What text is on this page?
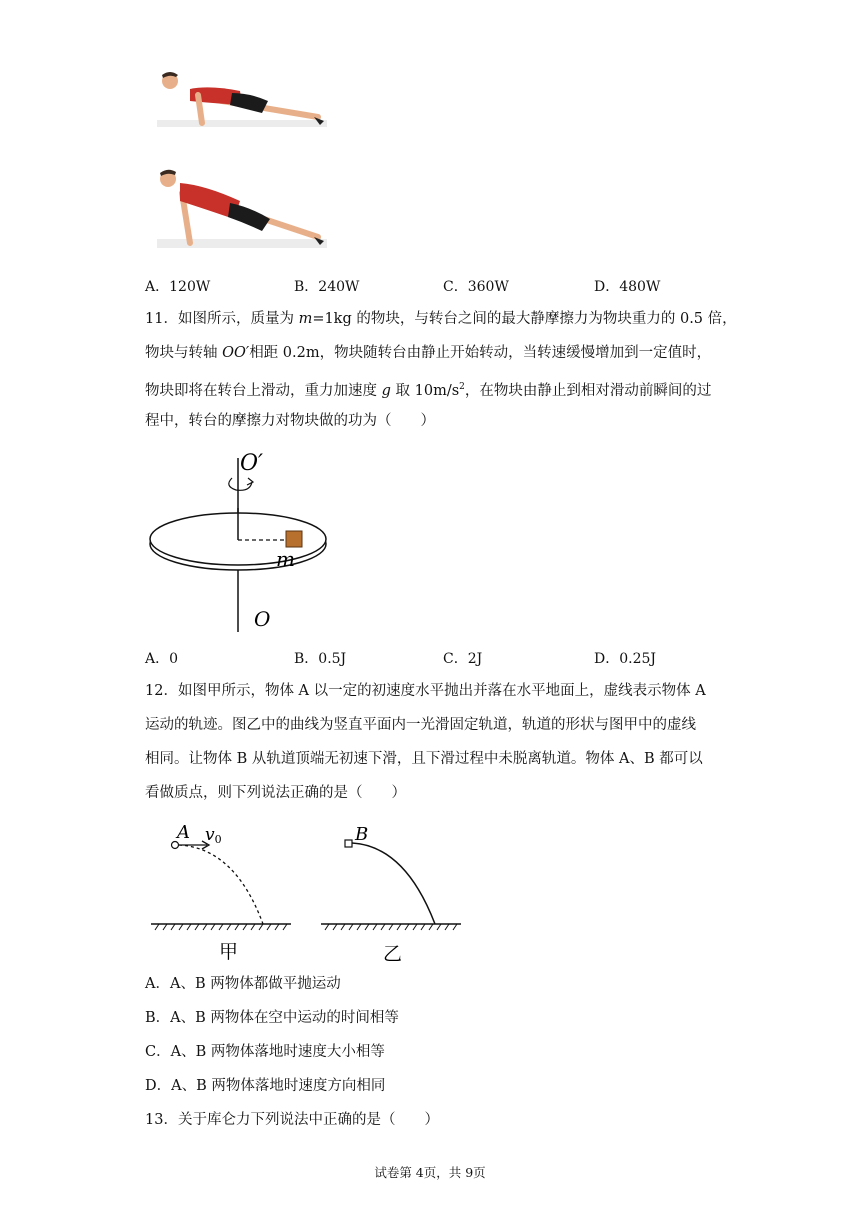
A．120W	B．240W	C．360W	D．480W
11．如图所示，质量为 m=1kg 的物块，与转台之间的最大静摩擦力为物块重力的 0.5 倍，
物块与转轴 OO′相距 0.2m，物块随转台由静止开始转动，当转速缓慢增加到一定值时，
物块即将在转台上滑动，重力加速度 g 取 $10m/s^2$，在物块由静止到相对滑动前瞬间的过
程中，转台的摩擦力对物块做的功为（　　）
O′
m
O
A．0	B．0.5J	C．2J	D．0.25J
12．如图甲所示，物体 A 以一定的初速度水平抛出并落在水平地面上，虚线表示物体 A
运动的轨迹。图乙中的曲线为竖直平面内一光滑固定轨道，轨道的形状与图甲中的虚线
相同。让物体 B 从轨道顶端无初速下滑，且下滑过程中未脱离轨道。物体 A、B 都可以
看做质点，则下列说法正确的是（　　）
A v0
甲
B
乙
A．A、B 两物体都做平抛运动
B．A、B 两物体在空中运动的时间相等
C．A、B 两物体落地时速度大小相等
D．A、B 两物体落地时速度方向相同
13．关于库仑力下列说法中正确的是（　　）
试卷第 4页，共 9页
